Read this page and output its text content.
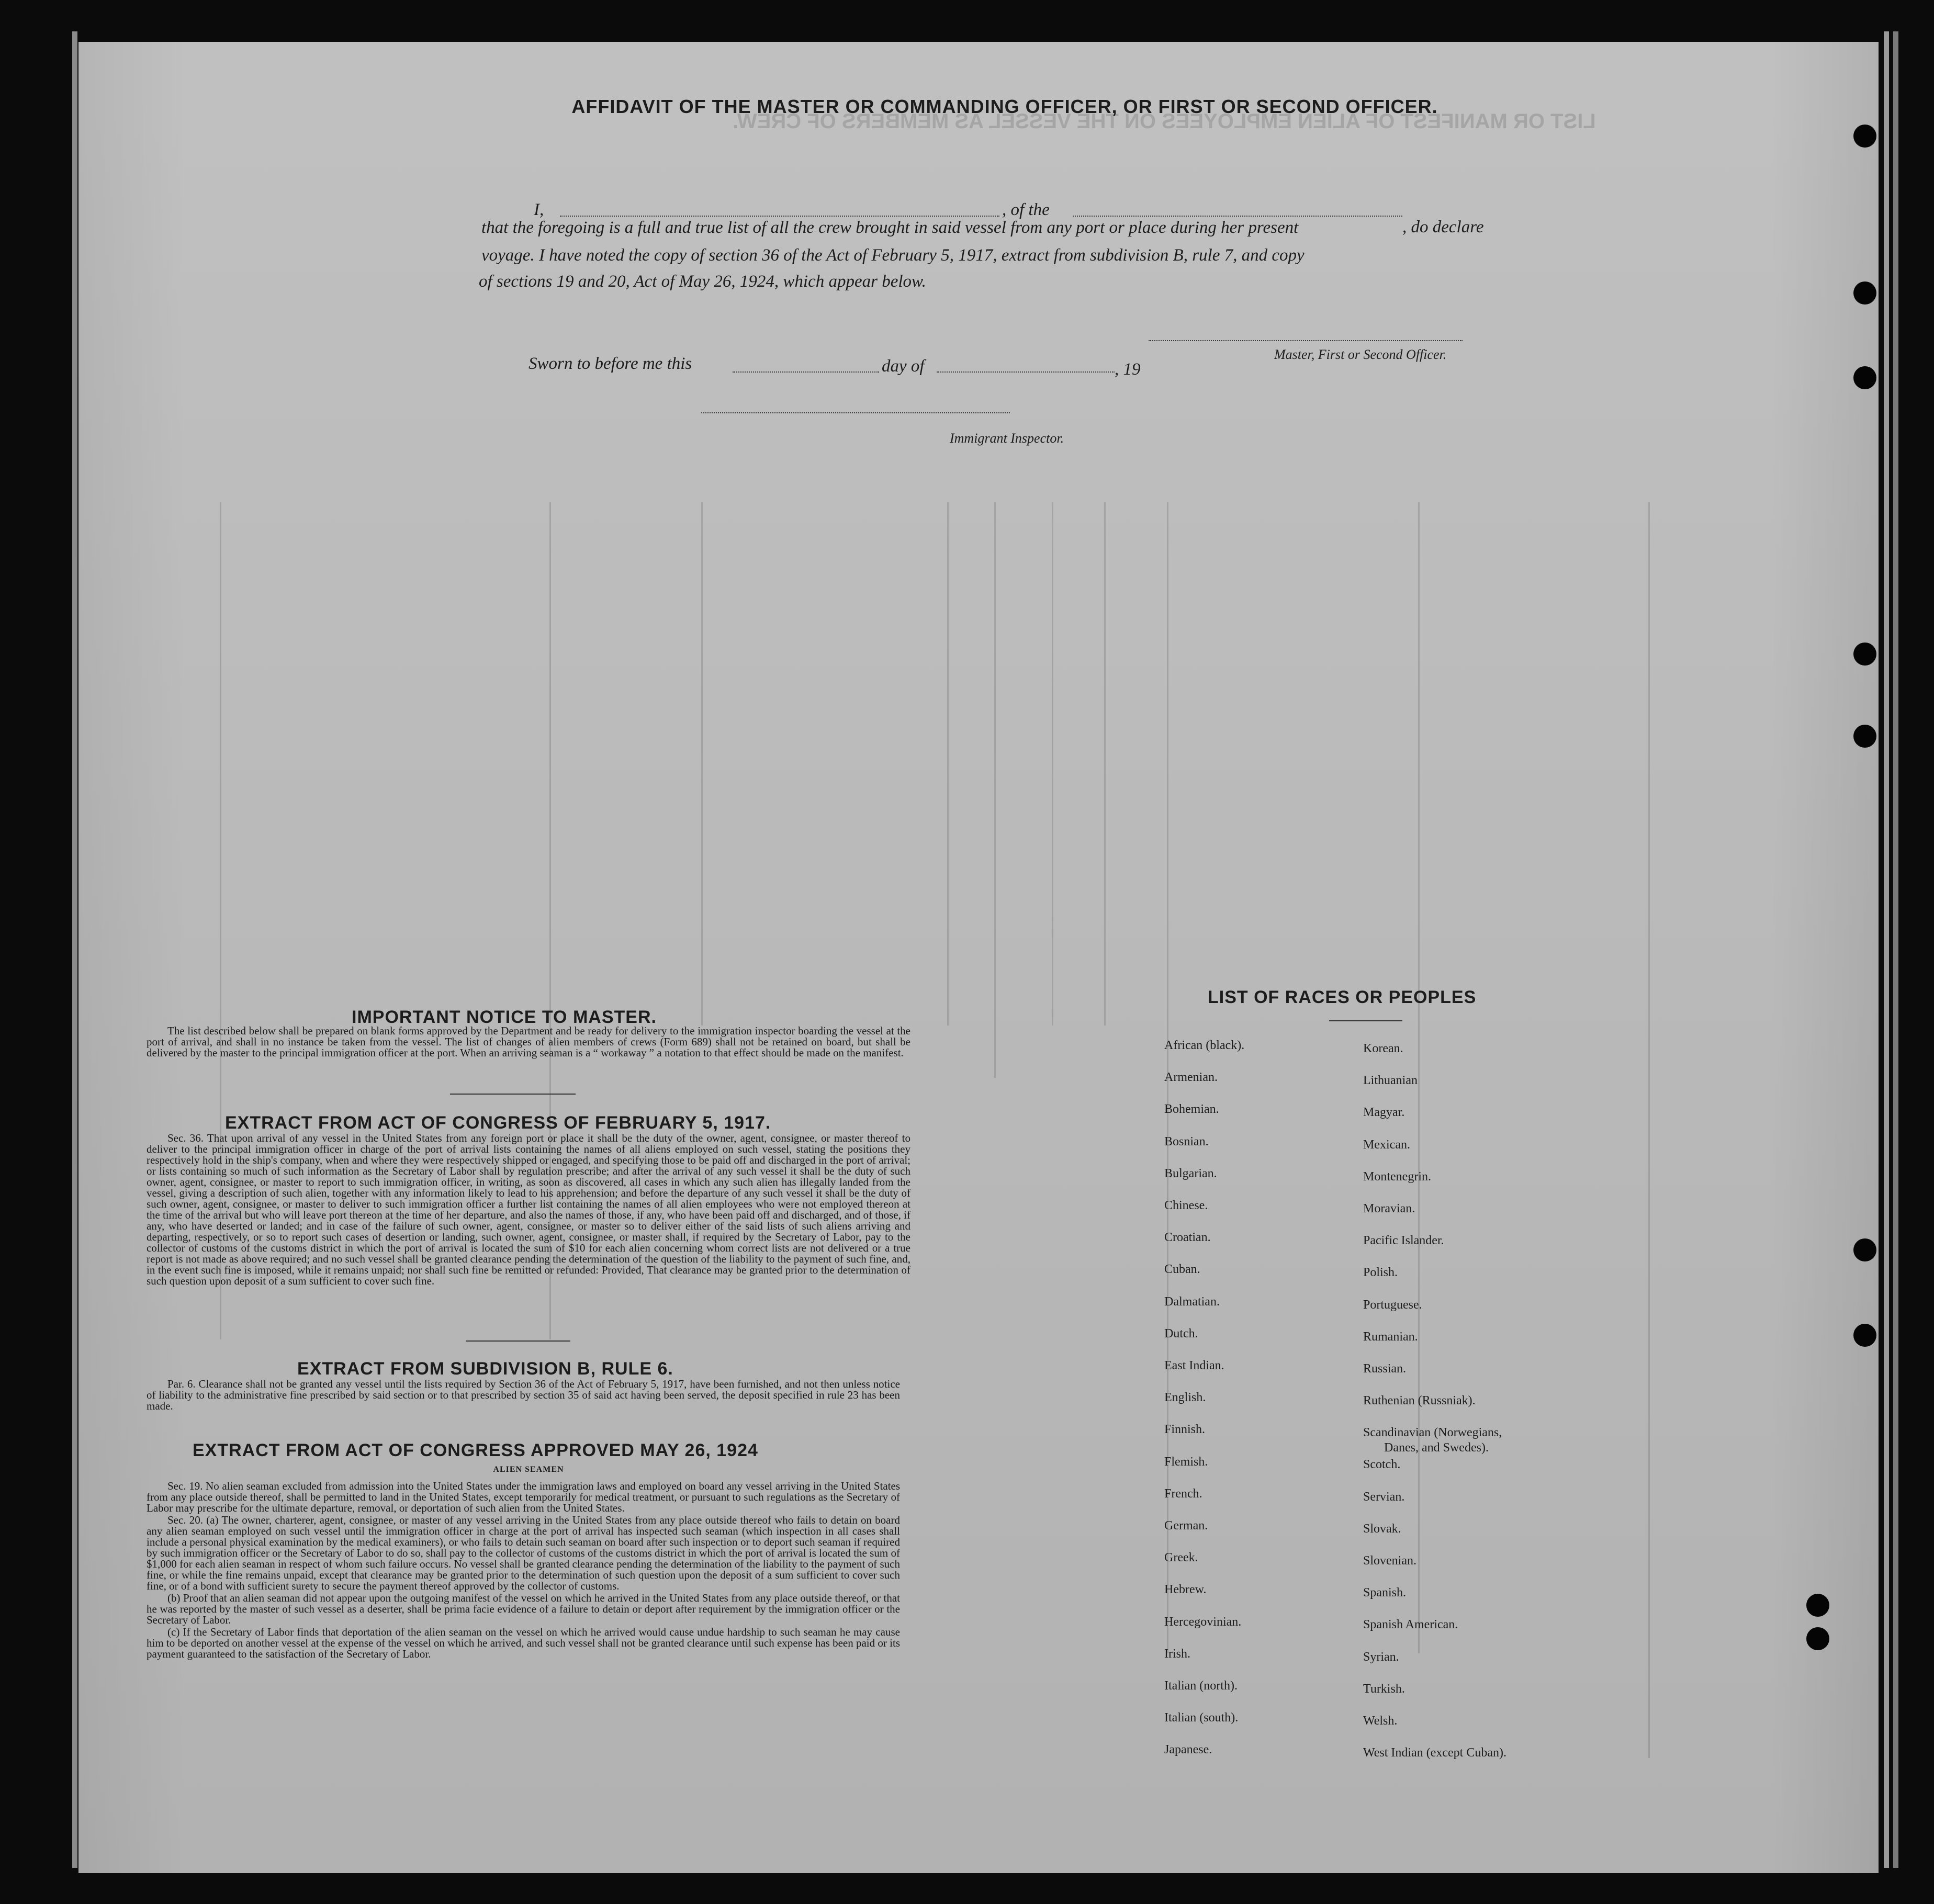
LIST OR MANIFEST OF ALIEN EMPLOYEES ON THE VESSEL AS MEMBERS OF CREW.
AFFIDAVIT OF THE MASTER OR COMMANDING OFFICER, OR FIRST OR SECOND OFFICER.
I,	, of the
, do declare
that the foregoing is a full and true list of all the crew brought in said vessel from any port or place during her present
voyage. I have noted the copy of section 36 of the Act of February 5, 1917, extract from subdivision B, rule 7, and copy
of sections 19 and 20, Act of May 26, 1924, which appear below.
Master, First or Second Officer.
Sworn to before me this	day of	, 19
Immigrant Inspector.
IMPORTANT NOTICE TO MASTER.

The list described below shall be prepared on blank forms approved by the Department and be ready for delivery to the immigration inspector boarding the vessel at the port of arrival, and shall in no instance be taken from the vessel. The list of changes of alien members of crews (Form 689) shall not be retained on board, but shall be delivered by the master to the principal immigration officer at the port. When an arriving seaman is a “ workaway ” a notation to that effect should be made on the manifest.

EXTRACT FROM ACT OF CONGRESS OF FEBRUARY 5, 1917.

Sec. 36. That upon arrival of any vessel in the United States from any foreign port or place it shall be the duty of the owner, agent, consignee, or master thereof to deliver to the principal immigration officer in charge of the port of arrival lists containing the names of all aliens employed on such vessel, stating the positions they respectively hold in the ship's company, when and where they were respectively shipped or engaged, and specifying those to be paid off and discharged in the port of arrival; or lists containing so much of such information as the Secretary of Labor shall by regulation prescribe; and after the arrival of any such vessel it shall be the duty of such owner, agent, consignee, or master to report to such immigration officer, in writing, as soon as discovered, all cases in which any such alien has illegally landed from the vessel, giving a description of such alien, together with any information likely to lead to his apprehension; and before the departure of any such vessel it shall be the duty of such owner, agent, consignee, or master to deliver to such immigration officer a further list containing the names of all alien employees who were not employed thereon at the time of the arrival but who will leave port thereon at the time of her departure, and also the names of those, if any, who have been paid off and discharged, and of those, if any, who have deserted or landed; and in case of the failure of such owner, agent, consignee, or master so to deliver either of the said lists of such aliens arriving and departing, respectively, or so to report such cases of desertion or landing, such owner, agent, consignee, or master shall, if required by the Secretary of Labor, pay to the collector of customs of the customs district in which the port of arrival is located the sum of $10 for each alien concerning whom correct lists are not delivered or a true report is not made as above required; and no such vessel shall be granted clearance pending the determination of the question of the liability to the payment of such fine, and, in the event such fine is imposed, while it remains unpaid; nor shall such fine be remitted or refunded: Provided, That clearance may be granted prior to the determination of such question upon deposit of a sum sufficient to cover such fine.

EXTRACT FROM SUBDIVISION B, RULE 6.

Par. 6. Clearance shall not be granted any vessel until the lists required by Section 36 of the Act of February 5, 1917, have been furnished, and not then unless notice of liability to the administrative fine prescribed by said section or to that prescribed by section 35 of said act having been served, the deposit specified in rule 23 has been made.

EXTRACT FROM ACT OF CONGRESS APPROVED MAY 26, 1924
ALIEN SEAMEN

Sec. 19. No alien seaman excluded from admission into the United States under the immigration laws and employed on board any vessel arriving in the United States from any place outside thereof, shall be permitted to land in the United States, except temporarily for medical treatment, or pursuant to such regulations as the Secretary of Labor may prescribe for the ultimate departure, removal, or deportation of such alien from the United States.

Sec. 20. (a) The owner, charterer, agent, consignee, or master of any vessel arriving in the United States from any place outside thereof who fails to detain on board any alien seaman employed on such vessel until the immigration officer in charge at the port of arrival has inspected such seaman (which inspection in all cases shall include a personal physical examination by the medical examiners), or who fails to detain such seaman on board after such inspection or to deport such seaman if required by such immigration officer or the Secretary of Labor to do so, shall pay to the collector of customs of the customs district in which the port of arrival is located the sum of $1,000 for each alien seaman in respect of whom such failure occurs. No vessel shall be granted clearance pending the determination of the liability to the payment of such fine, or while the fine remains unpaid, except that clearance may be granted prior to the determination of such question upon the deposit of a sum sufficient to cover such fine, or of a bond with sufficient surety to secure the payment thereof approved by the collector of customs.

(b) Proof that an alien seaman did not appear upon the outgoing manifest of the vessel on which he arrived in the United States from any place outside thereof, or that he was reported by the master of such vessel as a deserter, shall be prima facie evidence of a failure to detain or deport after requirement by the immigration officer or the Secretary of Labor.

(c) If the Secretary of Labor finds that deportation of the alien seaman on the vessel on which he arrived would cause undue hardship to such seaman he may cause him to be deported on another vessel at the expense of the vessel on which he arrived, and such vessel shall not be granted clearance until such expense has been paid or its payment guaranteed to the satisfaction of the Secretary of Labor.

LIST OF RACES OR PEOPLES
African (black).
Armenian.
Bohemian.
Bosnian.
Bulgarian.
Chinese.
Croatian.
Cuban.
Dalmatian.
Dutch.
East Indian.
English.
Finnish.
Flemish.
French.
German.
Greek.
Hebrew.
Hercegovinian.
Irish.
Italian (north).
Italian (south).
Japanese.
Korean.
Lithuanian
Magyar.
Mexican.
Montenegrin.
Moravian.
Pacific Islander.
Polish.
Portuguese.
Rumanian.
Russian.
Ruthenian (Russniak).
Scandinavian (Norwegians,
Danes, and Swedes).
Scotch.
Servian.
Slovak.
Slovenian.
Spanish.
Spanish American.
Syrian.
Turkish.
Welsh.
West Indian (except Cuban).
